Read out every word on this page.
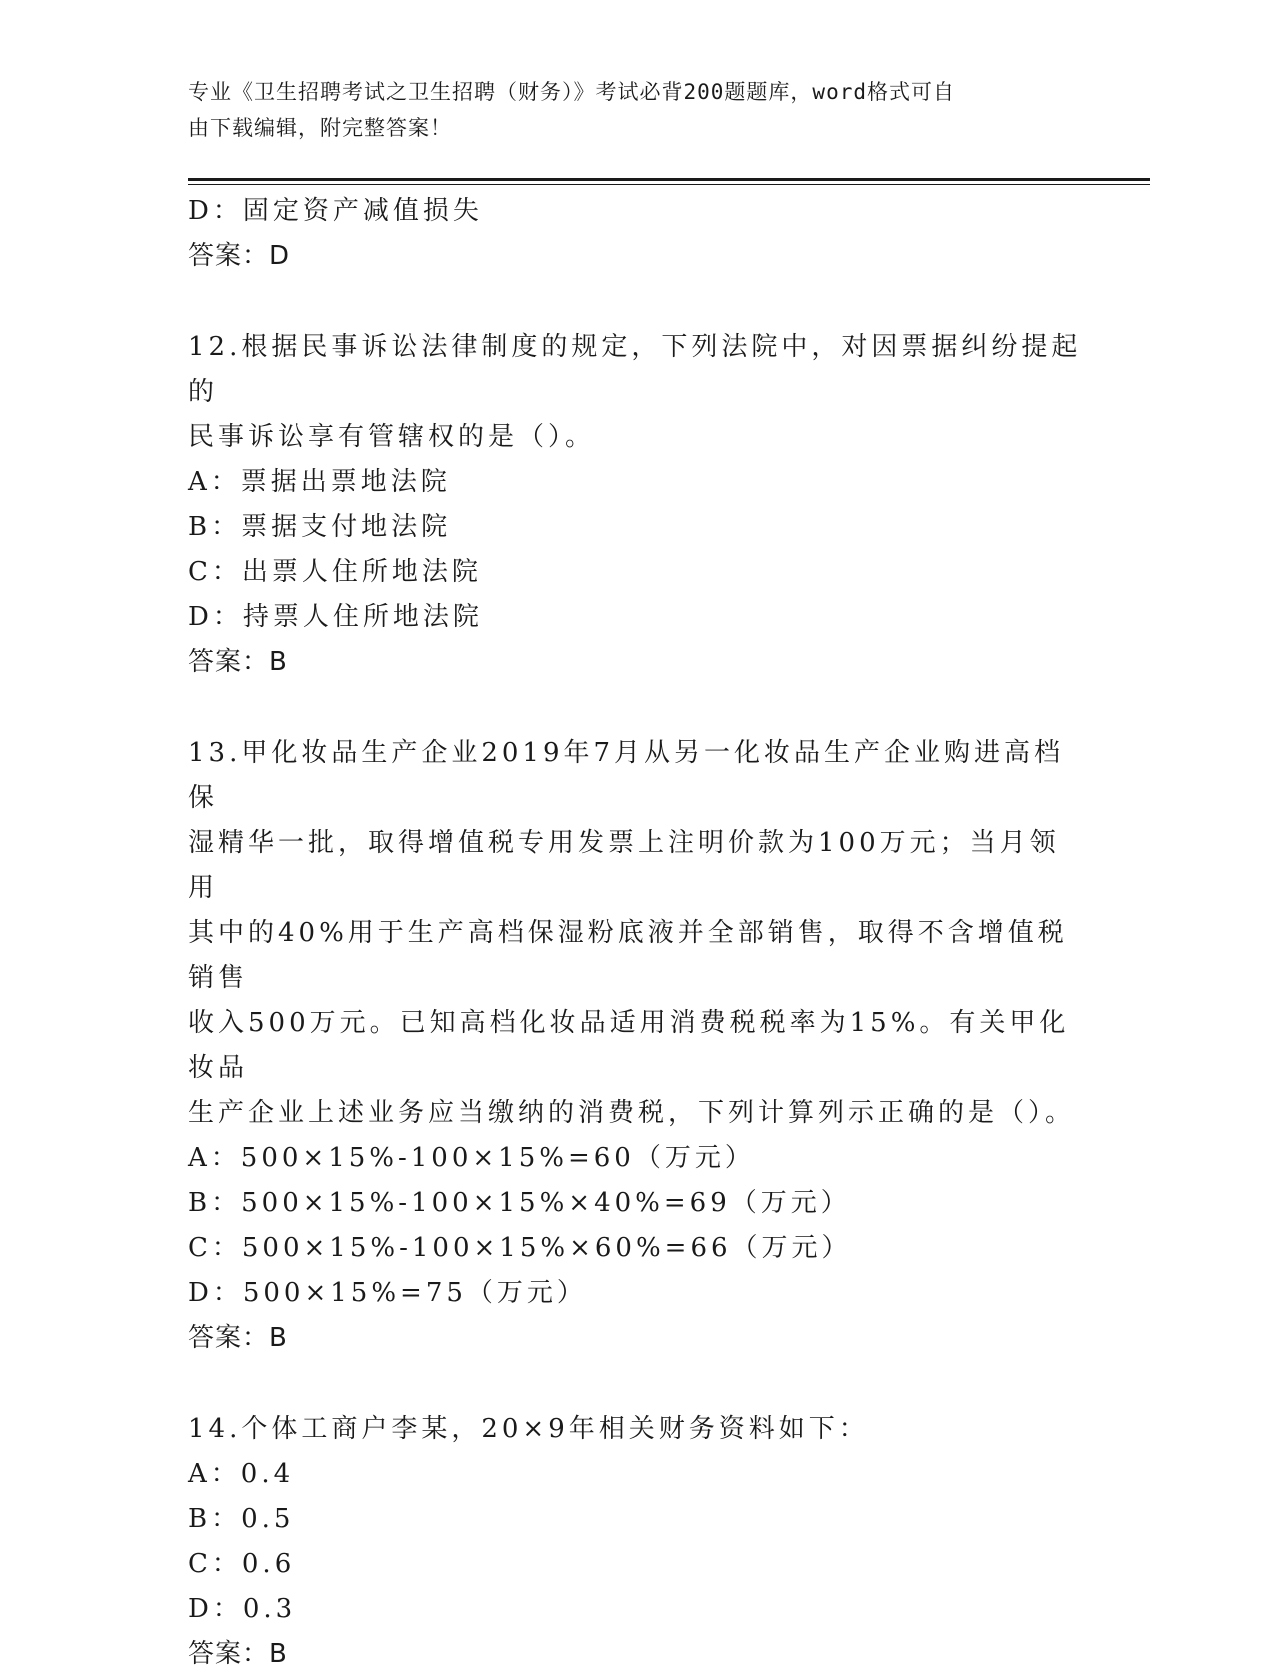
专业《卫生招聘考试之卫生招聘（财务）》考试必背200题题库，word格式可自
由下载编辑，附完整答案！
D：固定资产减值损失
答案：D
12.根据民事诉讼法律制度的规定，下列法院中，对因票据纠纷提起的
民事诉讼享有管辖权的是（）。
A：票据出票地法院
B：票据支付地法院
C：出票人住所地法院
D：持票人住所地法院
答案：B
13.甲化妆品生产企业2019年7月从另一化妆品生产企业购进高档保
湿精华一批，取得增值税专用发票上注明价款为100万元；当月领用
其中的40%用于生产高档保湿粉底液并全部销售，取得不含增值税销售
收入500万元。已知高档化妆品适用消费税税率为15%。有关甲化妆品
生产企业上述业务应当缴纳的消费税，下列计算列示正确的是（）。
A：500×15%-100×15%=60（万元）
B：500×15%-100×15%×40%=69（万元）
C：500×15%-100×15%×60%=66（万元）
D：500×15%=75（万元）
答案：B
14.个体工商户李某，20×9年相关财务资料如下：
A：0.4
B：0.5
C：0.6
D：0.3
答案：B
